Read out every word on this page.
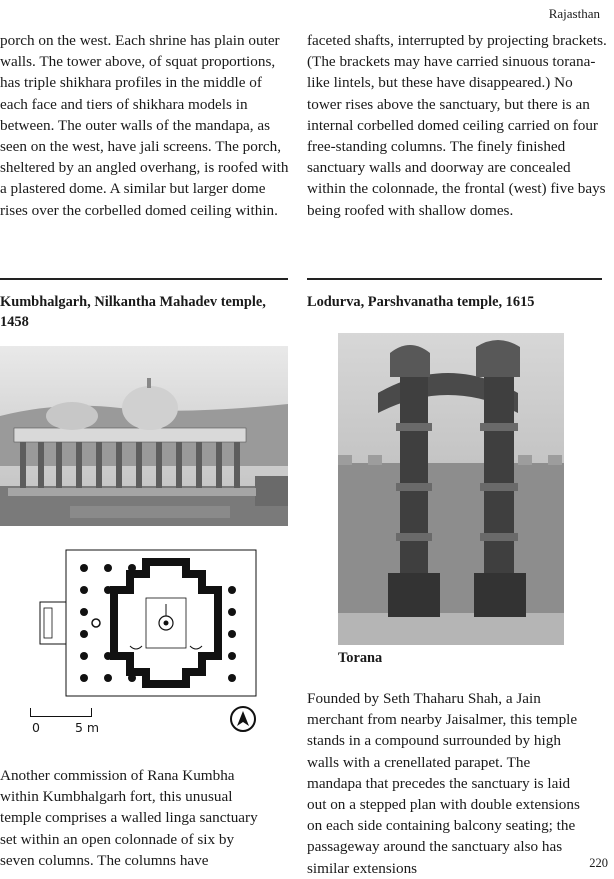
Rajasthan
porch on the west. Each shrine has plain outer walls. The tower above, of squat proportions, has triple shikhara profiles in the middle of each face and tiers of shikhara models in between. The outer walls of the mandapa, as seen on the west, have jali screens. The porch, sheltered by an angled overhang, is roofed with a plastered dome. A similar but larger dome rises over the corbelled domed ceiling within.
Kumbhalgarh, Nilkantha Mahadev temple, 1458
0	5 m
Another commission of Rana Kumbha within Kumbhalgarh fort, this unusual temple comprises a walled linga sanctuary set within an open colonnade of six by seven columns. The columns have
faceted shafts, interrupted by projecting brackets. (The brackets may have carried sinuous torana-like lintels, but these have disappeared.) No tower rises above the sanctuary, but there is an internal corbelled domed ceiling carried on four free-standing columns. The finely finished sanctuary walls and doorway are concealed within the colonnade, the frontal (west) five bays being roofed with shallow domes.
Lodurva, Parshvanatha temple, 1615
Torana
Founded by Seth Thaharu Shah, a Jain merchant from nearby Jaisalmer, this temple stands in a compound surrounded by high walls with a crenellated parapet. The mandapa that precedes the sanctuary is laid out on a stepped plan with double extensions on each side containing balcony seating; the passageway around the sanctuary also has similar extensions	220
